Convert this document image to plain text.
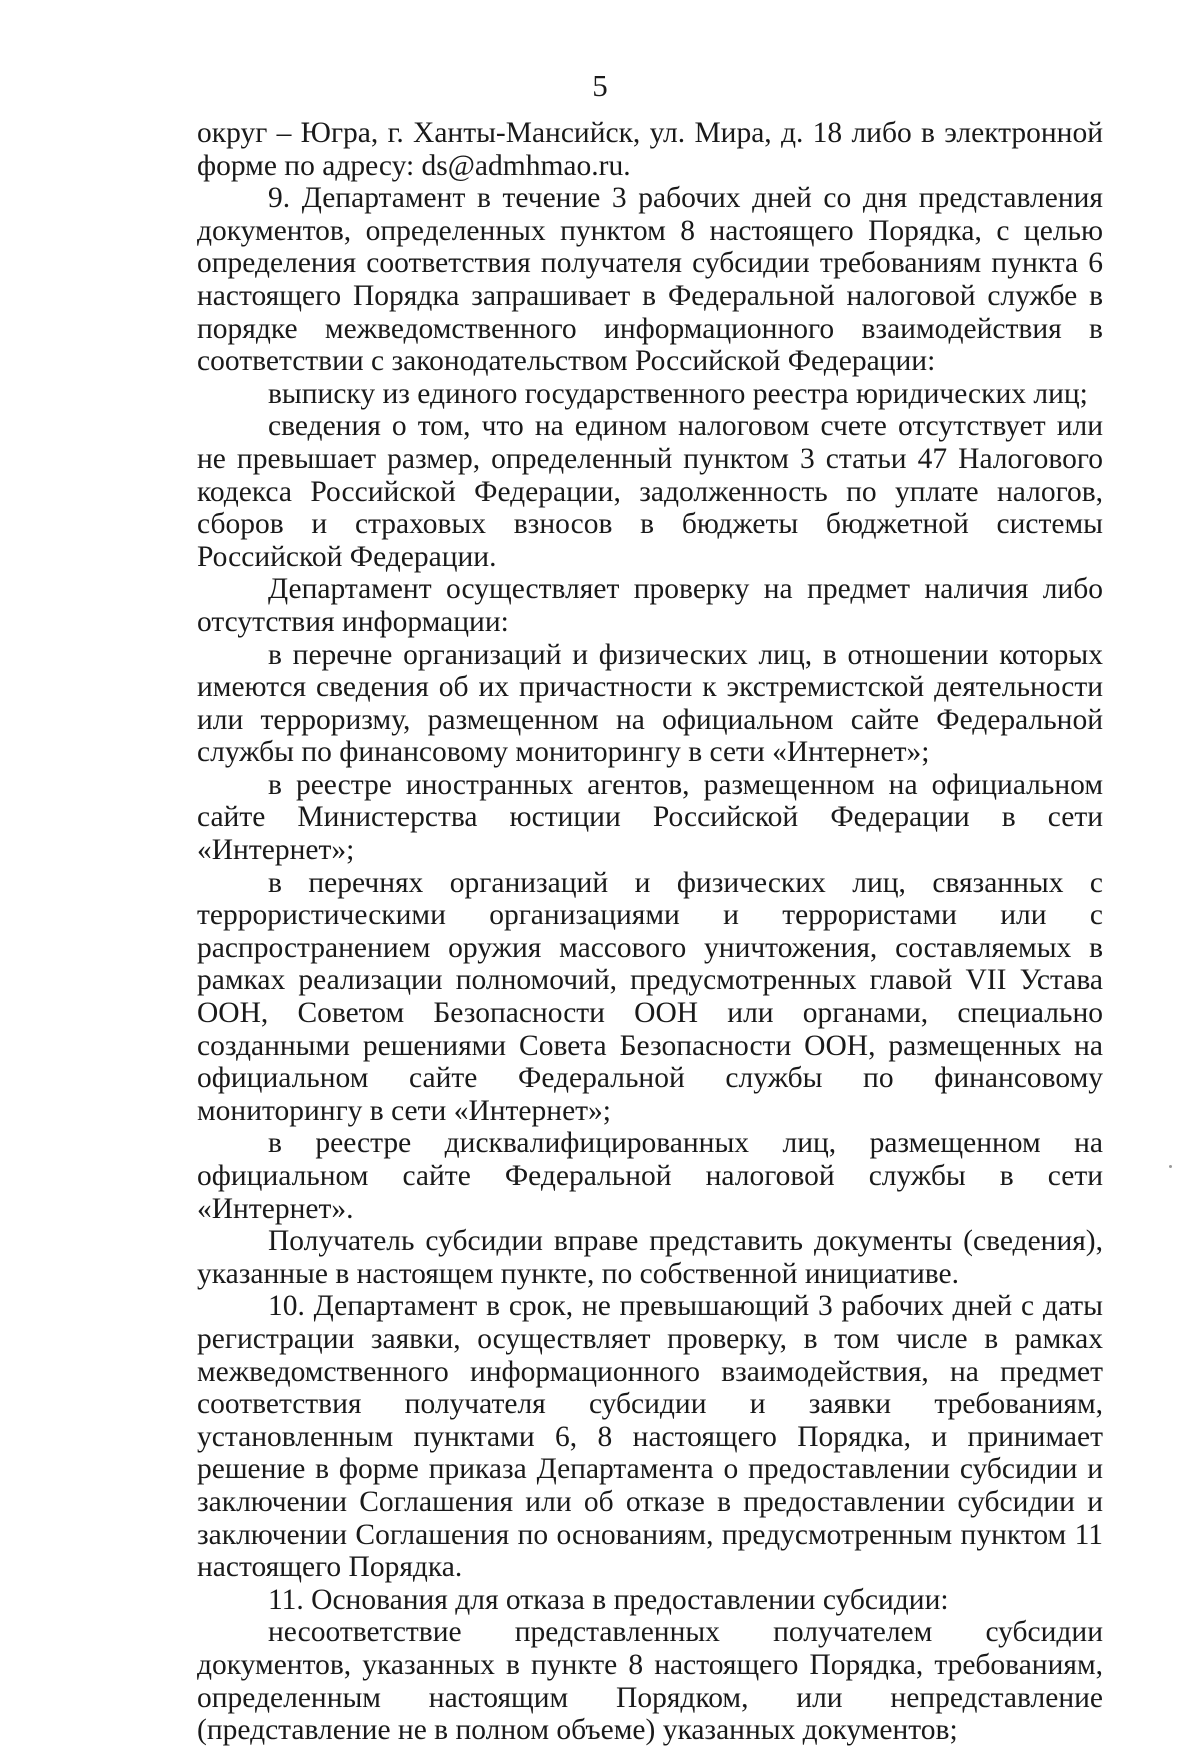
5

округ – Югра, г. Ханты-Мансийск, ул. Мира, д. 18 либо в электронной форме по адресу: ds@admhmao.ru.

9. Департамент в течение 3 рабочих дней со дня представления документов, определенных пунктом 8 настоящего Порядка, с целью определения соответствия получателя субсидии требованиям пункта 6 настоящего Порядка запрашивает в Федеральной налоговой службе в порядке межведомственного информационного взаимодействия в соответствии с законодательством Российской Федерации:

выписку из единого государственного реестра юридических лиц;

сведения о том, что на едином налоговом счете отсутствует или не превышает размер, определенный пунктом 3 статьи 47 Налогового кодекса Российской Федерации, задолженность по уплате налогов, сборов и страховых взносов в бюджеты бюджетной системы Российской Федерации.

Департамент осуществляет проверку на предмет наличия либо отсутствия информации:

в перечне организаций и физических лиц, в отношении которых имеются сведения об их причастности к экстремистской деятельности или терроризму, размещенном на официальном сайте Федеральной службы по финансовому мониторингу в сети «Интернет»;

в реестре иностранных агентов, размещенном на официальном сайте Министерства юстиции Российской Федерации в сети «Интернет»;

в перечнях организаций и физических лиц, связанных с террористическими организациями и террористами или с распространением оружия массового уничтожения, составляемых в рамках реализации полномочий, предусмотренных главой VII Устава ООН, Советом Безопасности ООН или органами, специально созданными решениями Совета Безопасности ООН, размещенных на официальном сайте Федеральной службы по финансовому мониторингу в сети «Интернет»;

в реестре дисквалифицированных лиц, размещенном на официальном сайте Федеральной налоговой службы в сети «Интернет».

Получатель субсидии вправе представить документы (сведения), указанные в настоящем пункте, по собственной инициативе.

10. Департамент в срок, не превышающий 3 рабочих дней с даты регистрации заявки, осуществляет проверку, в том числе в рамках межведомственного информационного взаимодействия, на предмет соответствия получателя субсидии и заявки требованиям, установленным пунктами 6, 8 настоящего Порядка, и принимает решение в форме приказа Департамента о предоставлении субсидии и заключении Соглашения или об отказе в предоставлении субсидии и заключении Соглашения по основаниям, предусмотренным пунктом 11 настоящего Порядка.

11. Основания для отказа в предоставлении субсидии:

несоответствие представленных получателем субсидии документов, указанных в пункте 8 настоящего Порядка, требованиям, определенным настоящим Порядком, или непредставление (представление не в полном объеме) указанных документов;
